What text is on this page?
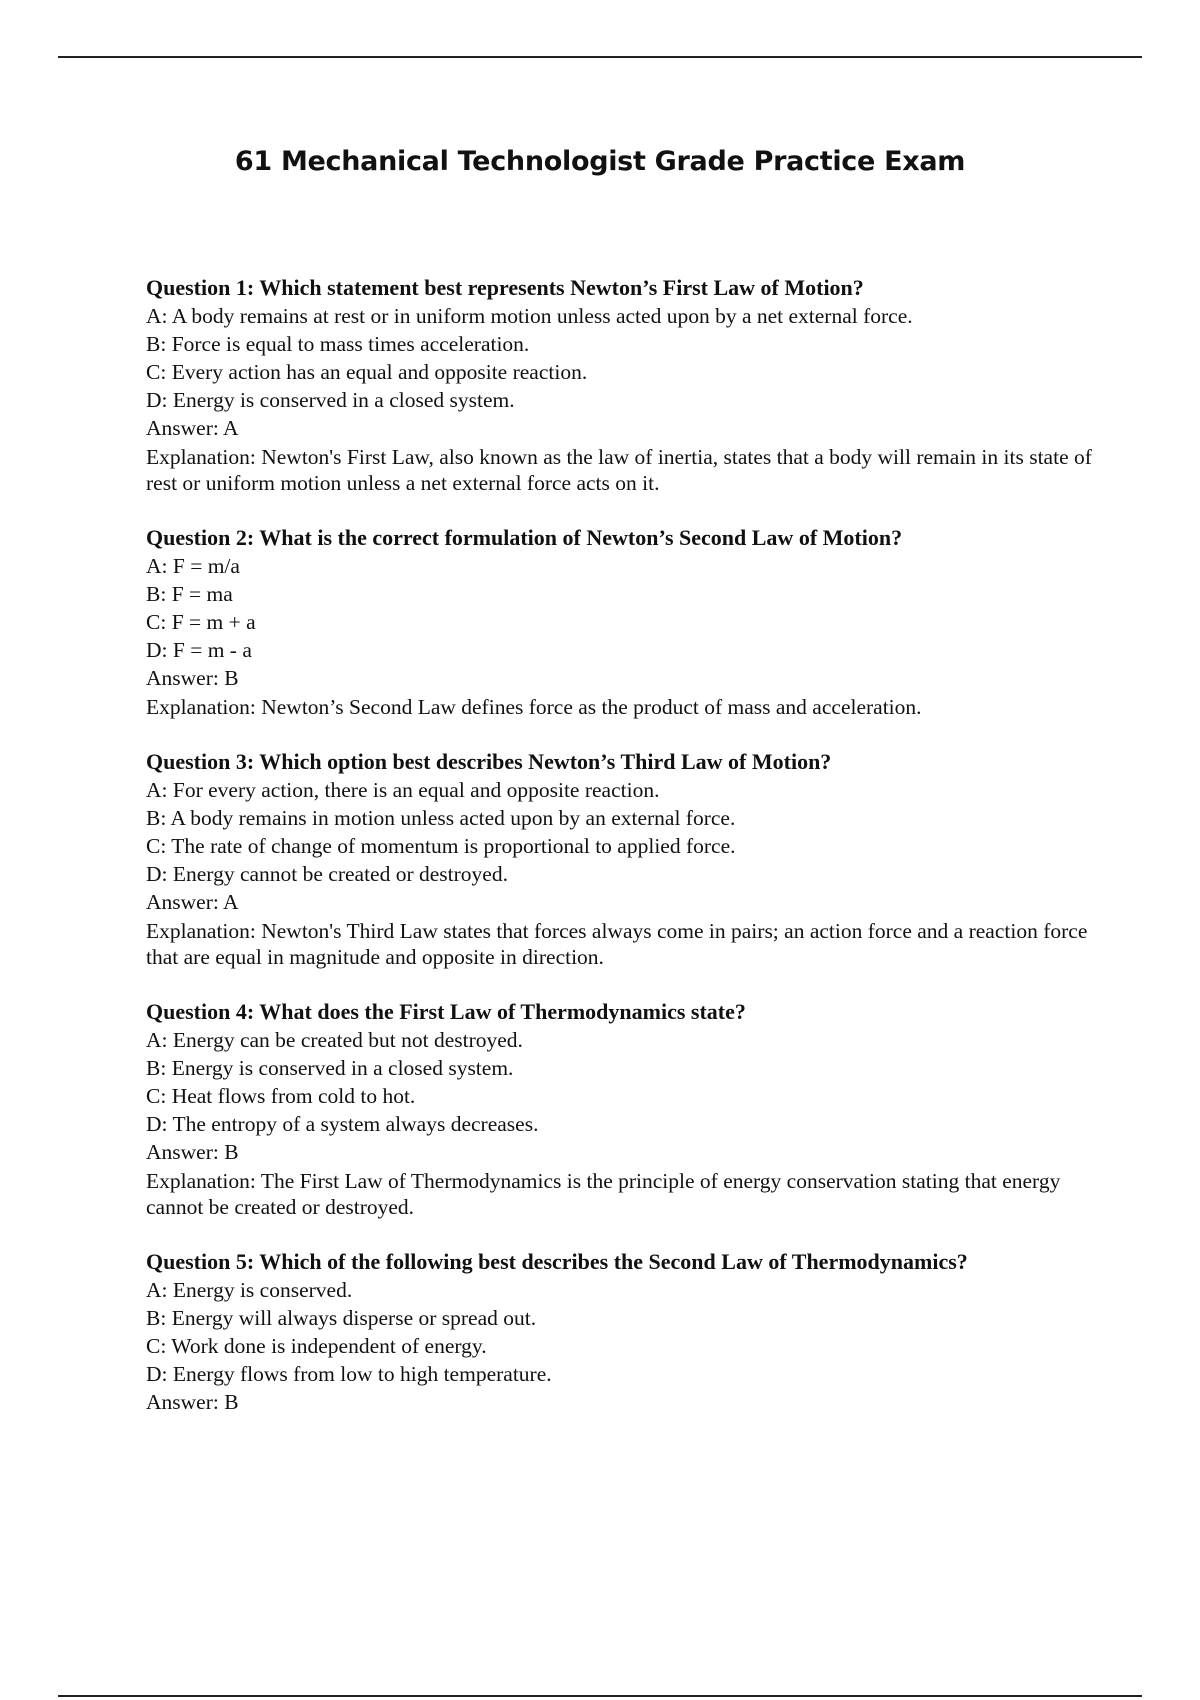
61 Mechanical Technologist Grade Practice Exam
Question 1: Which statement best represents Newton’s First Law of Motion?
A: A body remains at rest or in uniform motion unless acted upon by a net external force.
B: Force is equal to mass times acceleration.
C: Every action has an equal and opposite reaction.
D: Energy is conserved in a closed system.
Answer: A
Explanation: Newton's First Law, also known as the law of inertia, states that a body will remain in its state of rest or uniform motion unless a net external force acts on it.
Question 2: What is the correct formulation of Newton’s Second Law of Motion?
A: F = m/a
B: F = ma
C: F = m + a
D: F = m - a
Answer: B
Explanation: Newton’s Second Law defines force as the product of mass and acceleration.
Question 3: Which option best describes Newton’s Third Law of Motion?
A: For every action, there is an equal and opposite reaction.
B: A body remains in motion unless acted upon by an external force.
C: The rate of change of momentum is proportional to applied force.
D: Energy cannot be created or destroyed.
Answer: A
Explanation: Newton's Third Law states that forces always come in pairs; an action force and a reaction force that are equal in magnitude and opposite in direction.
Question 4: What does the First Law of Thermodynamics state?
A: Energy can be created but not destroyed.
B: Energy is conserved in a closed system.
C: Heat flows from cold to hot.
D: The entropy of a system always decreases.
Answer: B
Explanation: The First Law of Thermodynamics is the principle of energy conservation stating that energy cannot be created or destroyed.
Question 5: Which of the following best describes the Second Law of Thermodynamics?
A: Energy is conserved.
B: Energy will always disperse or spread out.
C: Work done is independent of energy.
D: Energy flows from low to high temperature.
Answer: B
